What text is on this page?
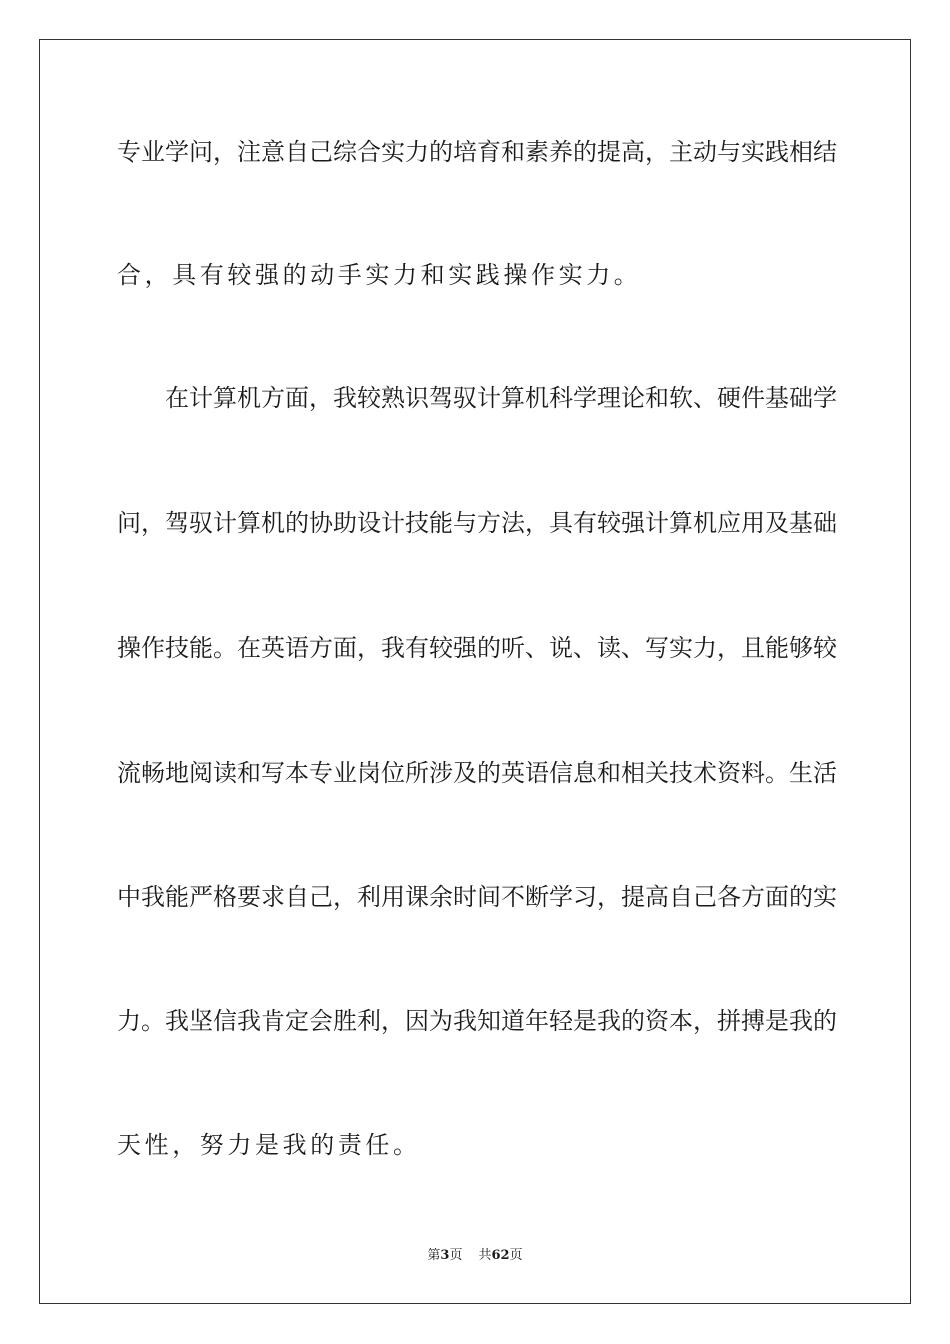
专业学问，注意自己综合实力的培育和素养的提高，主动与实践相结
合，具有较强的动手实力和实践操作实力。
在计算机方面，我较熟识驾驭计算机科学理论和软、硬件基础学
问，驾驭计算机的协助设计技能与方法，具有较强计算机应用及基础
操作技能。在英语方面，我有较强的听、说、读、写实力，且能够较
流畅地阅读和写本专业岗位所涉及的英语信息和相关技术资料。生活
中我能严格要求自己，利用课余时间不断学习，提高自己各方面的实
力。我坚信我肯定会胜利，因为我知道年轻是我的资本，拼搏是我的
天性，努力是我的责任。
第3页 共62页
